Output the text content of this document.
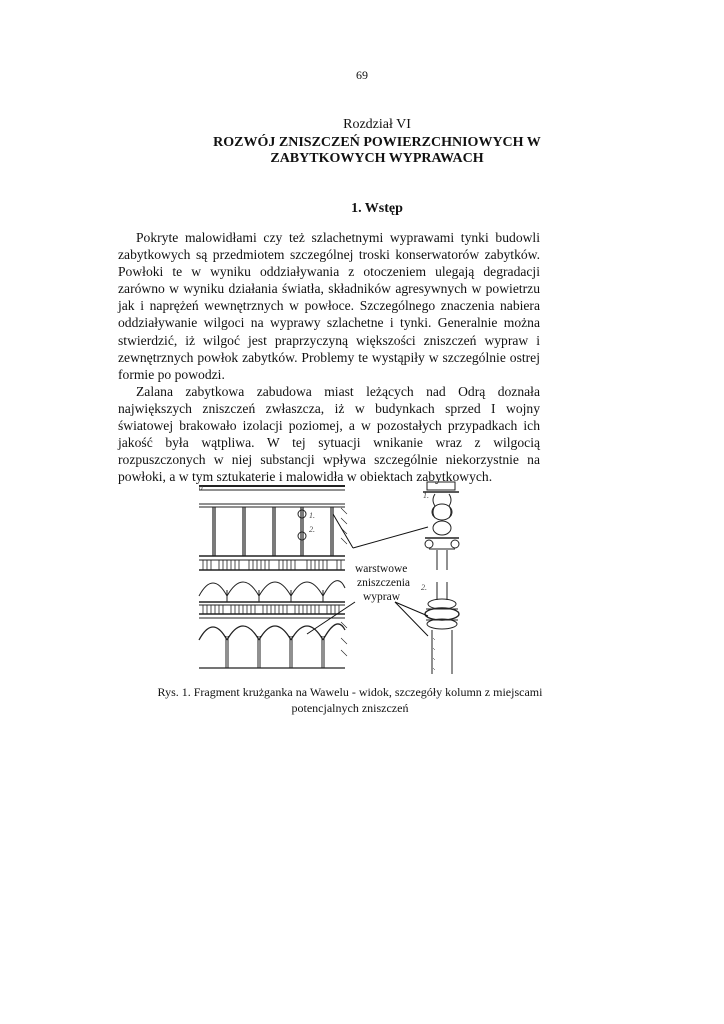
69
Rozdział VI
ROZWÓJ ZNISZCZEŃ POWIERZCHNIOWYCH W
ZABYTKOWYCH WYPRAWACH
1. Wstęp

Pokryte malowidłami czy też szlachetnymi wyprawami tynki budowli zabytkowych są przedmiotem szczególnej troski konserwatorów zabytków. Powłoki te w wyniku oddziaływania z otoczeniem ulegają degradacji zarówno w wyniku działania światła, składników agresywnych w powietrzu jak i naprężeń wewnętrznych w powłoce. Szczególnego znaczenia nabiera oddziaływanie wilgoci na wyprawy szlachetne i tynki. Generalnie można stwierdzić, iż wilgoć jest praprzyczyną większości zniszczeń wypraw i zewnętrznych powłok zabytków. Problemy te wystąpiły w szczególnie ostrej formie po powodzi.

Zalana zabytkowa zabudowa miast leżących nad Odrą doznała największych zniszczeń zwłaszcza, iż w budynkach sprzed I wojny światowej brakowało izolacji poziomej, a w pozostałych przypadkach ich jakość była wątpliwa. W tej sytuacji wnikanie wraz z wilgocią rozpuszczonych w niej substancji wpływa szczególnie niekorzystnie na powłoki, a w tym sztukaterie i malowidła w obiektach zabytkowych.

warstwowe
zniszczenia
wypraw
a
1.
2.
1.
2.
Rys. 1. Fragment krużganka na Wawelu - widok, szczegóły kolumn z miejscami
potencjalnych zniszczeń
